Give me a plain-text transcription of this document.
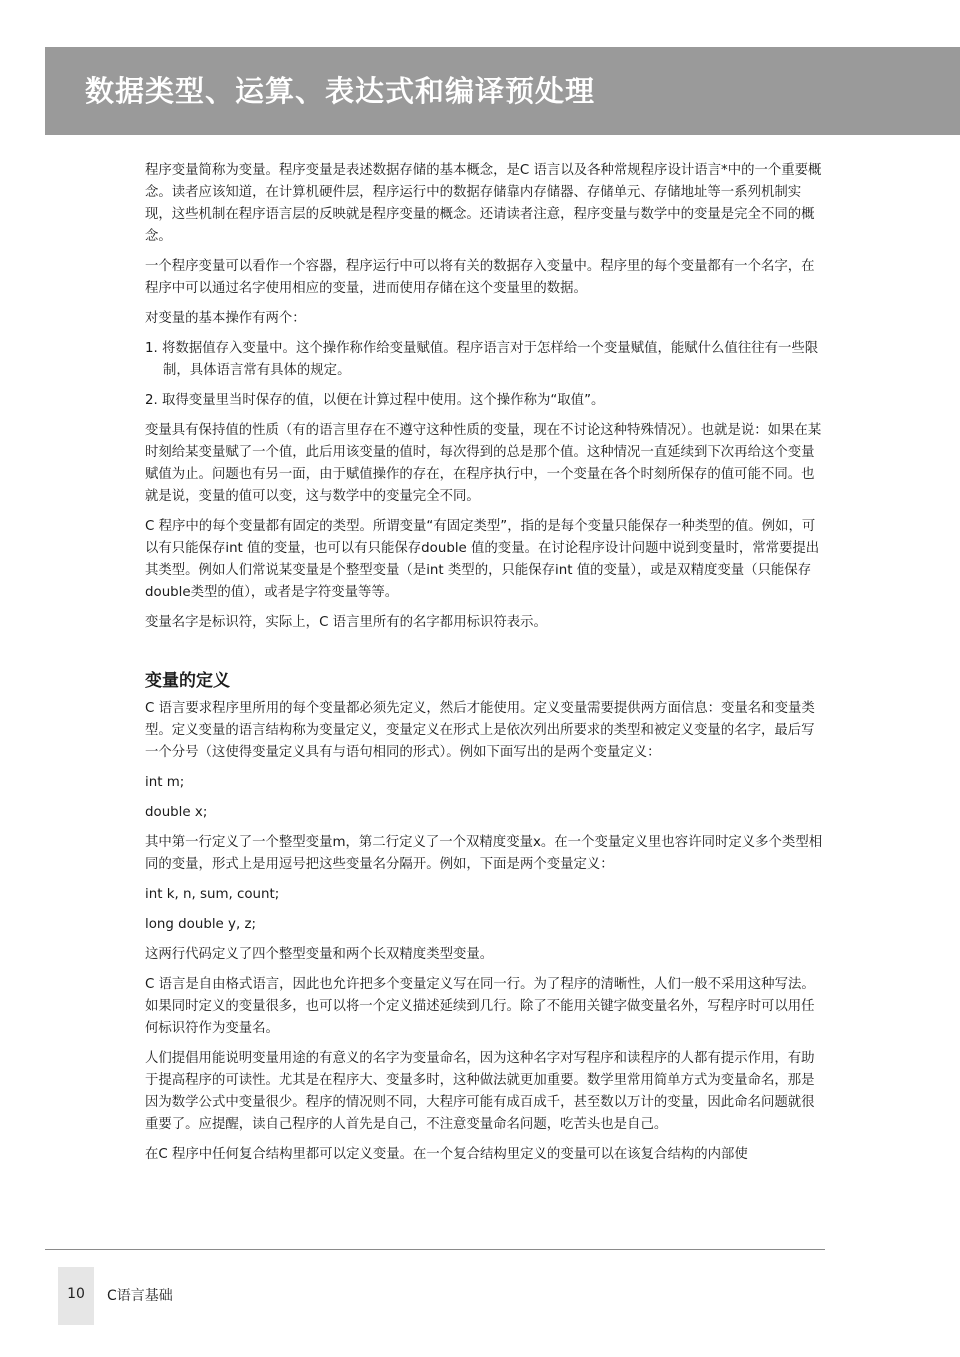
数据类型、运算、表达式和编译预处理

程序变量简称为变量。程序变量是表述数据存储的基本概念，是C 语言以及各种常规程序设计语言*中的一个重要概念。读者应该知道，在计算机硬件层，程序运行中的数据存储靠内存储器、存储单元、存储地址等一系列机制实现，这些机制在程序语言层的反映就是程序变量的概念。还请读者注意，程序变量与数学中的变量是完全不同的概念。

一个程序变量可以看作一个容器，程序运行中可以将有关的数据存入变量中。程序里的每个变量都有一个名字，在程序中可以通过名字使用相应的变量，进而使用存储在这个变量里的数据。

对变量的基本操作有两个：

1. 将数据值存入变量中。这个操作称作给变量赋值。程序语言对于怎样给一个变量赋值，能赋什么值往往有一些限制，具体语言常有具体的规定。

2. 取得变量里当时保存的值，以便在计算过程中使用。这个操作称为“取值”。

变量具有保持值的性质（有的语言里存在不遵守这种性质的变量，现在不讨论这种特殊情况）。也就是说：如果在某时刻给某变量赋了一个值，此后用该变量的值时，每次得到的总是那个值。这种情况一直延续到下次再给这个变量赋值为止。问题也有另一面，由于赋值操作的存在，在程序执行中，一个变量在各个时刻所保存的值可能不同。也就是说，变量的值可以变，这与数学中的变量完全不同。

C 程序中的每个变量都有固定的类型。所谓变量“有固定类型”，指的是每个变量只能保存一种类型的值。例如，可以有只能保存int 值的变量，也可以有只能保存double 值的变量。在讨论程序设计问题中说到变量时，常常要提出其类型。例如人们常说某变量是个整型变量（是int 类型的，只能保存int 值的变量），或是双精度变量（只能保存 double类型的值），或者是字符变量等等。

变量名字是标识符，实际上，C 语言里所有的名字都用标识符表示。

变量的定义

C 语言要求程序里所用的每个变量都必须先定义，然后才能使用。定义变量需要提供两方面信息：变量名和变量类型。定义变量的语言结构称为变量定义，变量定义在形式上是依次列出所要求的类型和被定义变量的名字，最后写一个分号（这使得变量定义具有与语句相同的形式）。例如下面写出的是两个变量定义：

int m;

double x;

其中第一行定义了一个整型变量m，第二行定义了一个双精度变量x。在一个变量定义里也容许同时定义多个类型相同的变量，形式上是用逗号把这些变量名分隔开。例如，下面是两个变量定义：

int k, n, sum, count;

long double y, z;

这两行代码定义了四个整型变量和两个长双精度类型变量。

C 语言是自由格式语言，因此也允许把多个变量定义写在同一行。为了程序的清晰性，人们一般不采用这种写法。如果同时定义的变量很多，也可以将一个定义描述延续到几行。除了不能用关键字做变量名外，写程序时可以用任何标识符作为变量名。

人们提倡用能说明变量用途的有意义的名字为变量命名，因为这种名字对写程序和读程序的人都有提示作用，有助于提高程序的可读性。尤其是在程序大、变量多时，这种做法就更加重要。数学里常用简单方式为变量命名，那是因为数学公式中变量很少。程序的情况则不同，大程序可能有成百成千，甚至数以万计的变量，因此命名问题就很重要了。应提醒，读自己程序的人首先是自己，不注意变量命名问题，吃苦头也是自己。

在C 程序中任何复合结构里都可以定义变量。在一个复合结构里定义的变量可以在该复合结构的内部使

10	C语言基础
